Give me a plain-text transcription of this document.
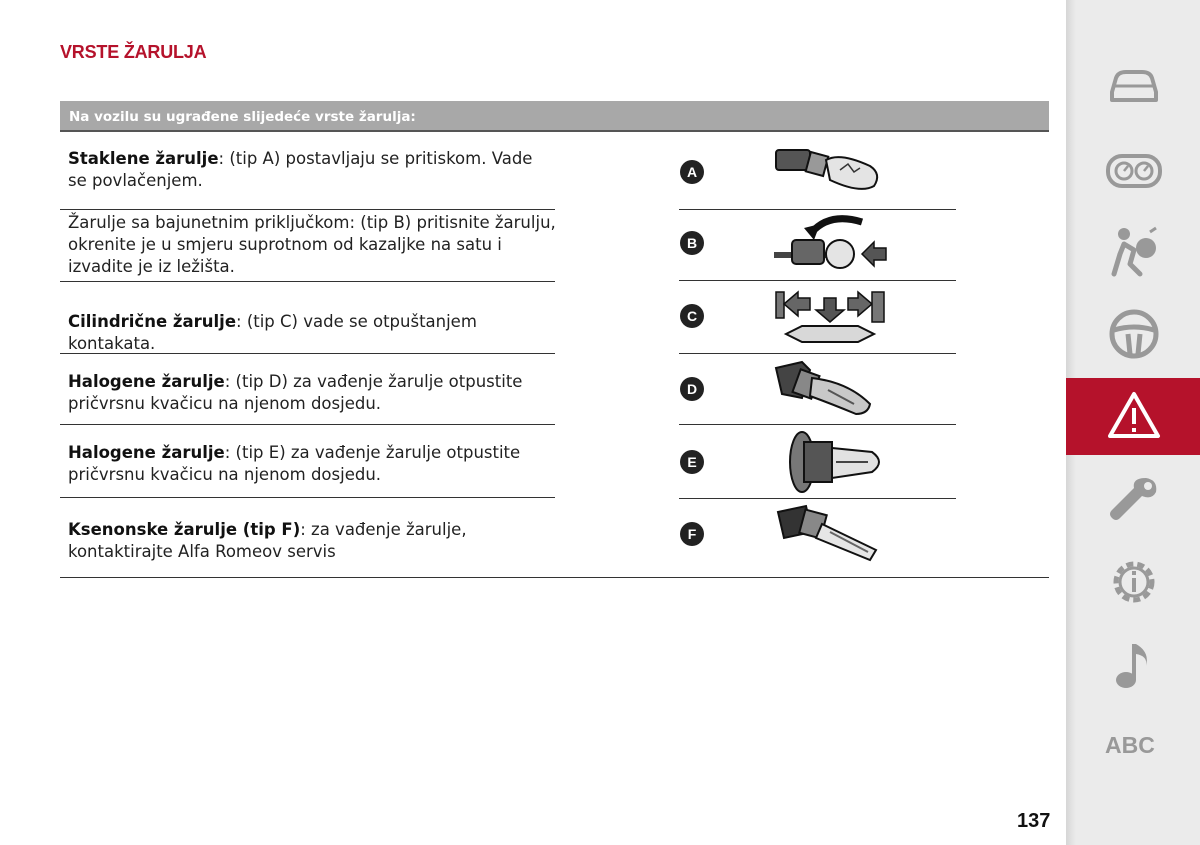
VRSTE ŽARULJA
Na vozilu su ugrađene slijedeće vrste žarulja:
Staklene žarulje: (tip A) postavljaju se pritiskom. Vade se povlačenjem.
Žarulje sa bajunetnim priključkom: (tip B) pritisnite žarulju, okrenite je u smjeru suprotnom od kazaljke na satu i izvadite je iz ležišta.
Cilindrične žarulje: (tip C) vade se otpuštanjem kontakata.
Halogene žarulje: (tip D) za vađenje žarulje otpustite pričvrsnu kvačicu na njenom dosjedu.
Halogene žarulje: (tip E) za vađenje žarulje otpustite pričvrsnu kvačicu na njenom dosjedu.
Ksenonske žarulje (tip F): za vađenje žarulje, kontaktirajte Alfa Romeov servis
A
B
C
D
E
F
ABC
137
